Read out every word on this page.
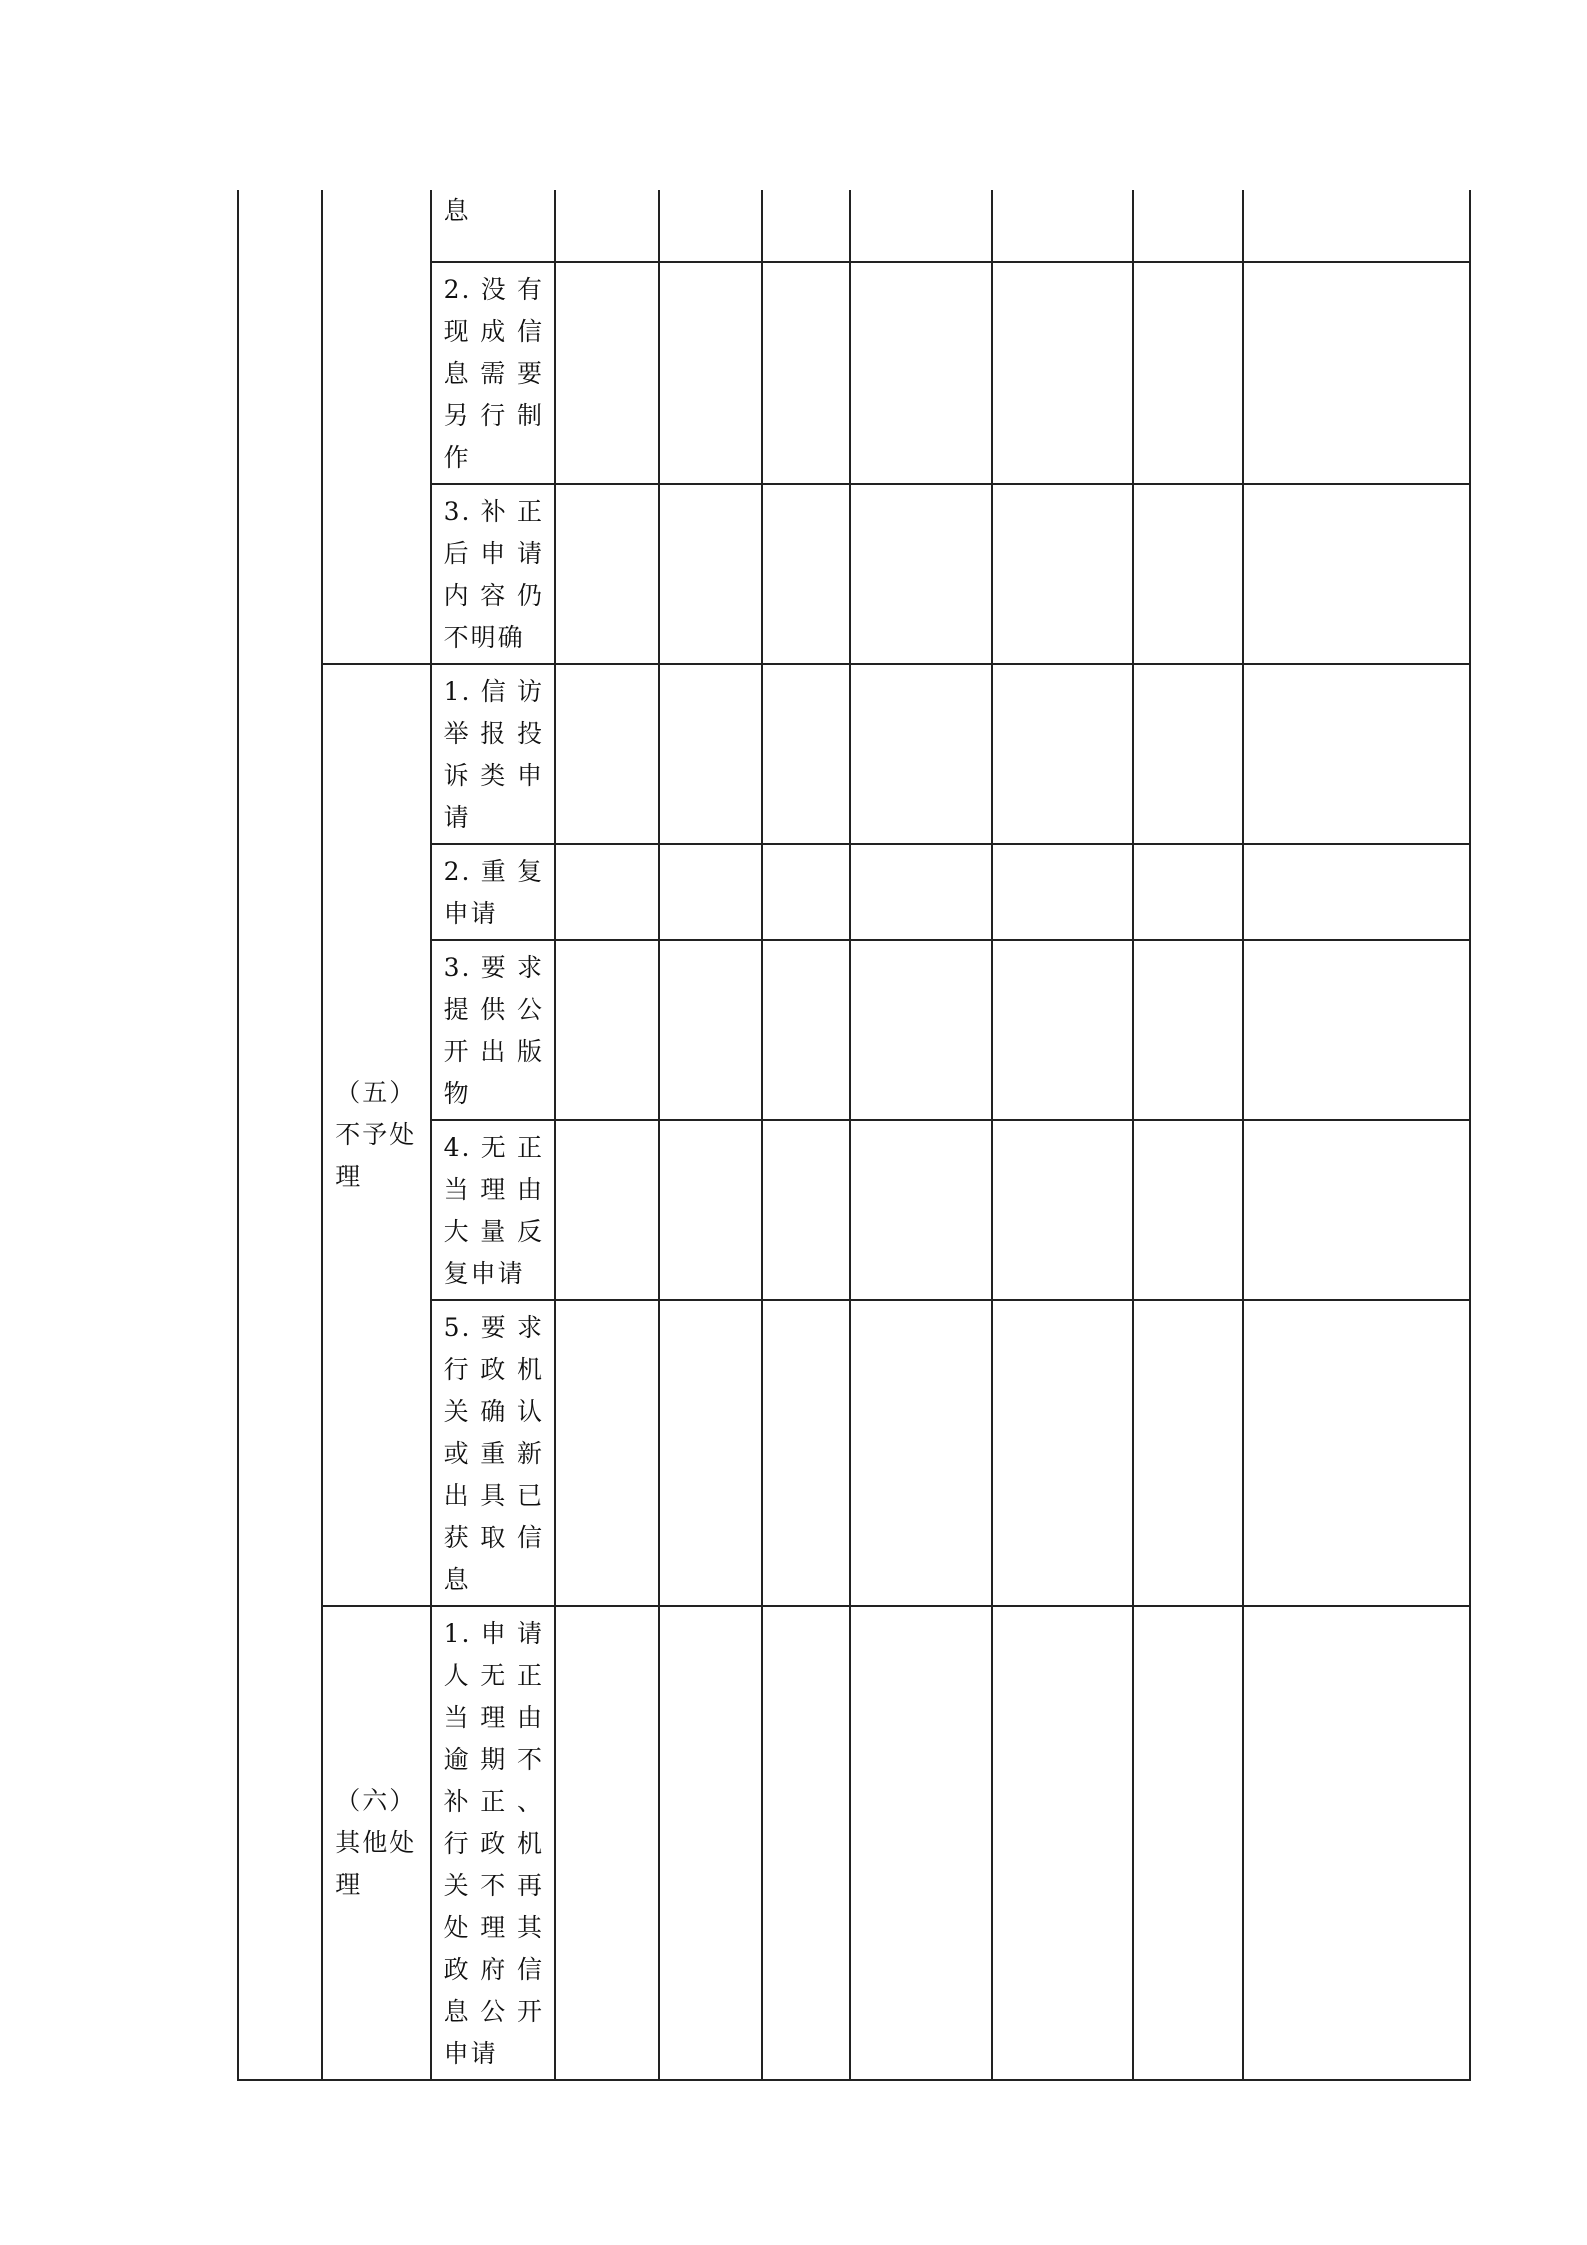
		息							

		2.没有现成信息需要另行制作							

		3.补正后申请内容仍不明确							

	（五）不予处理	1.信访举报投诉类申请							

		2.重复申请							

		3.要求提供公开出版物							

		4.无正当理由大量反复申请							

		5.要求行政机关确认或重新出具已获取信息							

	（六）其他处理	1.申请人无正当理由逾期不补正、行政机关不再处理其政府信息公开申请							
